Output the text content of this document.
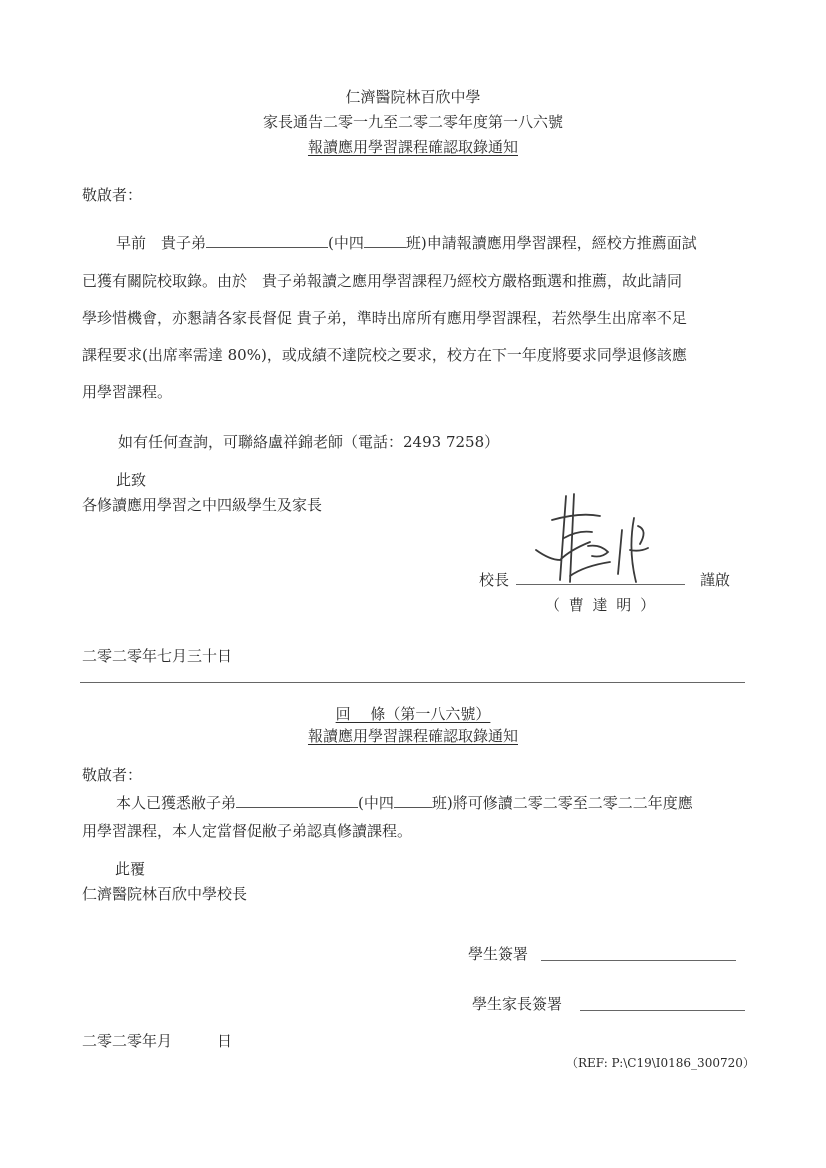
仁濟醫院林百欣中學
家長通告二零一九至二零二零年度第一八六號
報讀應用學習課程確認取錄通知
敬啟者：
早前　貴子弟	(中四	班)申請報讀應用學習課程，經校方推薦面試
已獲有關院校取錄。由於　貴子弟報讀之應用學習課程乃經校方嚴格甄選和推薦，故此請同
學珍惜機會，亦懇請各家長督促 貴子弟，準時出席所有應用學習課程，若然學生出席率不足
課程要求(出席率需達 80%)，或成績不達院校之要求，校方在下一年度將要求同學退修該應
用學習課程。
如有任何查詢，可聯絡盧祥錦老師（電話：2493 7258）
此致
各修讀應用學習之中四級學生及家長
校長	謹啟
（ 曹 達 明 ）
二零二零年七月三十日
回　 條（第一八六號）
報讀應用學習課程確認取錄通知
敬啟者：
本人已獲悉敝子弟	(中四	班)將可修讀二零二零至二零二二年度應
用學習課程，本人定當督促敝子弟認真修讀課程。
此覆
仁濟醫院林百欣中學校長
學生簽署
學生家長簽署
二零二零年月　　　日
（REF: P:\C19\I0186_300720）
